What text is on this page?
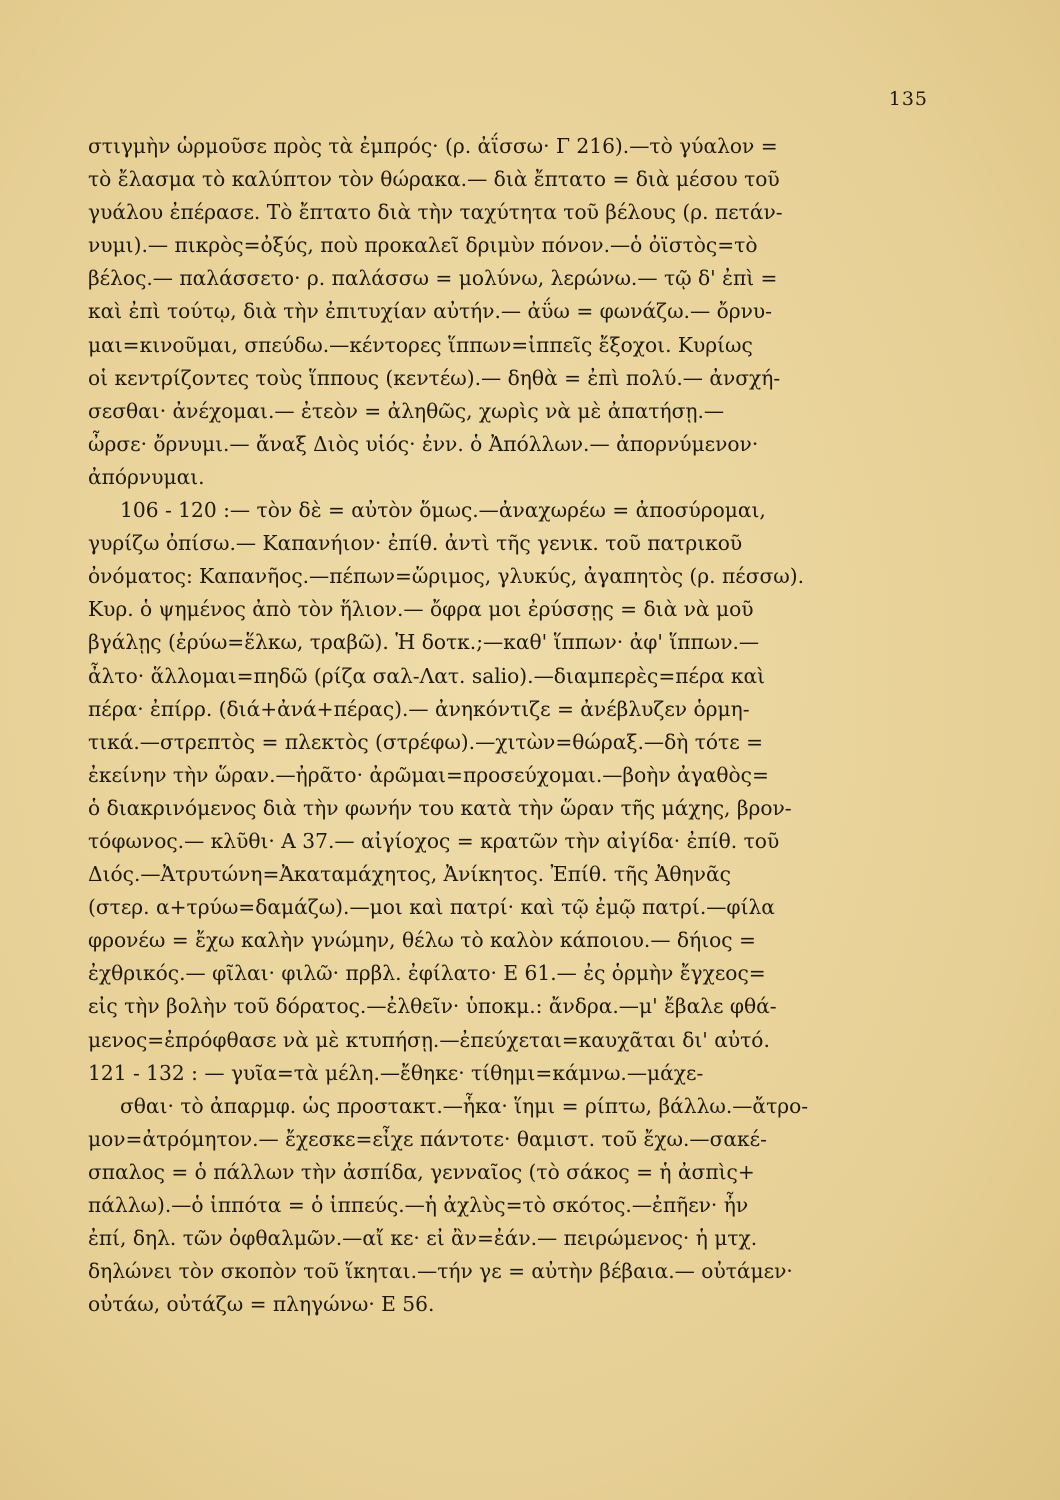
135
στιγμὴν ὡρμοῦσε πρὸς τὰ ἐμπρός· (ρ. ἀΐσσω· Γ 216).—τὸ γύαλον =
τὸ ἔλασμα τὸ καλύπτον τὸν θώρακα.— διὰ ἔπτατο = διὰ μέσου τοῦ
γυάλου ἐπέρασε. Τὸ ἔπτατο διὰ τὴν ταχύτητα τοῦ βέλους (ρ. πετάν-
νυμι).— πικρὸς=ὀξύς, ποὺ προκαλεῖ δριμὺν πόνον.—ὁ ὀϊστὸς=τὸ
βέλος.— παλάσσετο· ρ. παλάσσω = μολύνω, λερώνω.— τῷ δ' ἐπὶ =
καὶ ἐπὶ τούτῳ, διὰ τὴν ἐπιτυχίαν αὐτήν.— ἀΰω = φωνάζω.— ὄρνυ-
μαι=κινοῦμαι, σπεύδω.—κέντορες ἵππων=ἱππεῖς ἔξοχοι. Κυρίως
οἱ κεντρίζοντες τοὺς ἵππους (κεντέω).— δηθὰ = ἐπὶ πολύ.— ἀνσχή-
σεσθαι· ἀνέχομαι.— ἐτεὸν = ἀληθῶς, χωρὶς νὰ μὲ ἀπατήσῃ.—
ὦρσε· ὄρνυμι.— ἄναξ Διὸς υἱός· ἐνν. ὁ Ἀπόλλων.— ἀπορνύμενον·
ἀπόρνυμαι.
106 - 120 :— τὸν δὲ = αὐτὸν ὅμως.—ἀναχωρέω = ἀποσύρομαι,
γυρίζω ὀπίσω.— Καπανήιον· ἐπίθ. ἀντὶ τῆς γενικ. τοῦ πατρικοῦ
ὀνόματος: Καπανῆος.—πέπων=ὥριμος, γλυκύς, ἀγαπητὸς (ρ. πέσσω).
Κυρ. ὁ ψημένος ἀπὸ τὸν ἥλιον.— ὄφρα μοι ἐρύσσῃς = διὰ νὰ μοῦ
βγάλῃς (ἐρύω=ἕλκω, τραβῶ). Ἡ δοτκ.;—καθ' ἵππων· ἀφ' ἵππων.—
ἆλτο· ἅλλομαι=πηδῶ (ρίζα σαλ-Λατ. salio).—διαμπερὲς=πέρα καὶ
πέρα· ἐπίρρ. (διά+ἀνά+πέρας).— ἀνηκόντιζε = ἀνέβλυζεν ὁρμη-
τικά.—στρεπτὸς = πλεκτὸς (στρέφω).—χιτὼν=θώραξ.—δὴ τότε =
ἐκείνην τὴν ὥραν.—ἠρᾶτο· ἀρῶμαι=προσεύχομαι.—βοὴν ἀγαθὸς=
ὁ διακρινόμενος διὰ τὴν φωνήν του κατὰ τὴν ὥραν τῆς μάχης, βρον-
τόφωνος.— κλῦθι· Α 37.— αἰγίοχος = κρατῶν τὴν αἰγίδα· ἐπίθ. τοῦ
Διός.—Ἀτρυτώνη=Ἀκαταμάχητος, Ἀνίκητος. Ἐπίθ. τῆς Ἀθηνᾶς
(στερ. α+τρύω=δαμάζω).—μοι καὶ πατρί· καὶ τῷ ἐμῷ πατρί.—φίλα
φρονέω = ἔχω καλὴν γνώμην, θέλω τὸ καλὸν κάποιου.— δήιος =
ἐχθρικός.— φῖλαι· φιλῶ· πρβλ. ἐφίλατο· Ε 61.— ἐς ὁρμὴν ἔγχεος=
εἰς τὴν βολὴν τοῦ δόρατος.—ἐλθεῖν· ὑποκμ.: ἄνδρα.—μ' ἔβαλε φθά-
μενος=ἐπρόφθασε νὰ μὲ κτυπήσῃ.—ἐπεύχεται=καυχᾶται δι' αὐτό.
121 - 132 : — γυῖα=τὰ μέλη.—ἔθηκε· τίθημι=κάμνω.—μάχε-
σθαι· τὸ ἀπαρμφ. ὡς προστακτ.—ἧκα· ἵημι = ρίπτω, βάλλω.—ἄτρο-
μον=ἀτρόμητον.— ἔχεσκε=εἶχε πάντοτε· θαμιστ. τοῦ ἔχω.—σακέ-
σπαλος = ὁ πάλλων τὴν ἀσπίδα, γενναῖος (τὸ σάκος = ἡ ἀσπὶς+
πάλλω).—ὁ ἱππότα = ὁ ἱππεύς.—ἡ ἀχλὺς=τὸ σκότος.—ἐπῆεν· ἦν
ἐπί, δηλ. τῶν ὀφθαλμῶν.—αἴ κε· εἰ ἂν=ἐάν.— πειρώμενος· ἡ μτχ.
δηλώνει τὸν σκοπὸν τοῦ ἵκηται.—τήν γε = αὐτὴν βέβαια.— οὐτάμεν·
οὐτάω, οὐτάζω = πληγώνω· Ε 56.
